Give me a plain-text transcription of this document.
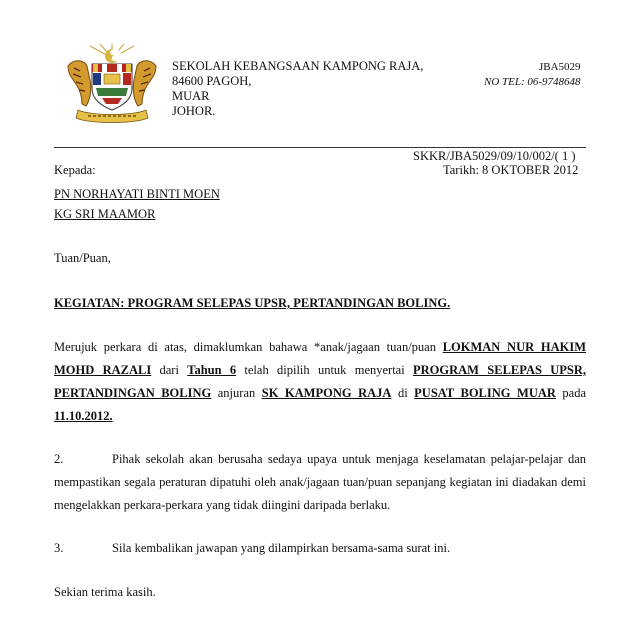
SEKOLAH KEBANGSAAN KAMPONG RAJA,
84600 PAGOH,
MUAR
JOHOR.
JBA5029
NO TEL: 06-9748648
SKKR/JBA5029/09/10/002/( 1 )
Tarikh: 8 OKTOBER 2012
Kepada:
PN NORHAYATI BINTI MOEN
KG SRI MAAMOR
Tuan/Puan,
KEGIATAN: PROGRAM SELEPAS UPSR, PERTANDINGAN BOLING.
Merujuk perkara di atas, dimaklumkan bahawa *anak/jagaan tuan/puan LOKMAN NUR HAKIM MOHD RAZALI dari Tahun 6 telah dipilih untuk menyertai PROGRAM SELEPAS UPSR, PERTANDINGAN BOLING anjuran SK KAMPONG RAJA di PUSAT BOLING MUAR pada 11.10.2012.
2.	Pihak sekolah akan berusaha sedaya upaya untuk menjaga keselamatan pelajar-pelajar dan mempastikan segala peraturan dipatuhi oleh anak/jagaan tuan/puan sepanjang kegiatan ini diadakan demi mengelakkan perkara-perkara yang tidak diingini daripada berlaku.
3.	Sila kembalikan jawapan yang dilampirkan bersama-sama surat ini.
Sekian terima kasih.
